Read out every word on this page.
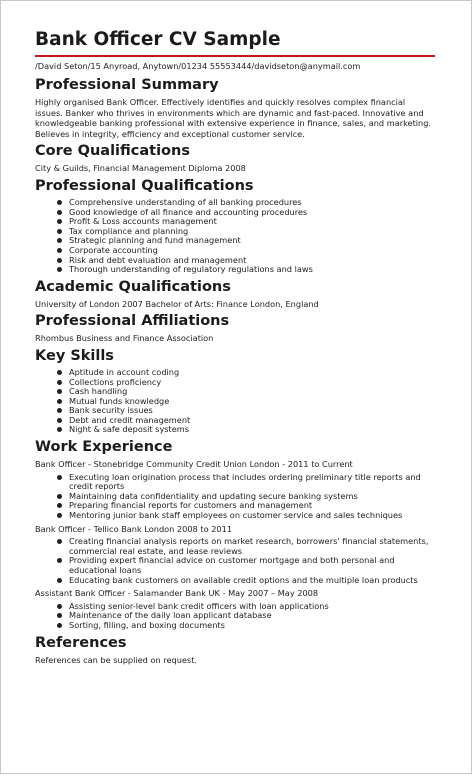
Bank Officer CV Sample
/David Seton/15 Anyroad, Anytown/01234 55553444/davidseton@anymail.com
Professional Summary

Highly organised Bank Officer. Effectively identifies and quickly resolves complex financial issues. Banker who thrives in environments which are dynamic and fast-paced. Innovative and knowledgeable banking professional with extensive experience in finance, sales, and marketing. Believes in integrity, efficiency and exceptional customer service.

Core Qualifications

City & Guilds, Financial Management Diploma 2008

Professional Qualifications
Comprehensive understanding of all banking procedures
Good knowledge of all finance and accounting procedures
Profit & Loss accounts management
Tax compliance and planning
Strategic planning and fund management
Corporate accounting
Risk and debt evaluation and management
Thorough understanding of regulatory regulations and laws
Academic Qualifications

University of London 2007 Bachelor of Arts: Finance London, England

Professional Affiliations

Rhombus Business and Finance Association

Key Skills
Aptitude in account coding
Collections proficiency
Cash handling
Mutual funds knowledge
Bank security issues
Debt and credit management
Night & safe deposit systems
Work Experience
Bank Officer - Stonebridge Community Credit Union London - 2011 to Current
Executing loan origination process that includes ordering preliminary title reports and credit reports
Maintaining data confidentiality and updating secure banking systems
Preparing financial reports for customers and management
Mentoring junior bank staff employees on customer service and sales techniques
Bank Officer - Tellico Bank London 2008 to 2011
Creating financial analysis reports on market research, borrowers' financial statements, commercial real estate, and lease reviews
Providing expert financial advice on customer mortgage and both personal and educational loans
Educating bank customers on available credit options and the multiple loan products
Assistant Bank Officer - Salamander Bank UK - May 2007 – May 2008
Assisting senior-level bank credit officers with loan applications
Maintenance of the daily loan applicant database
Sorting, filling, and boxing documents
References

References can be supplied on request.
